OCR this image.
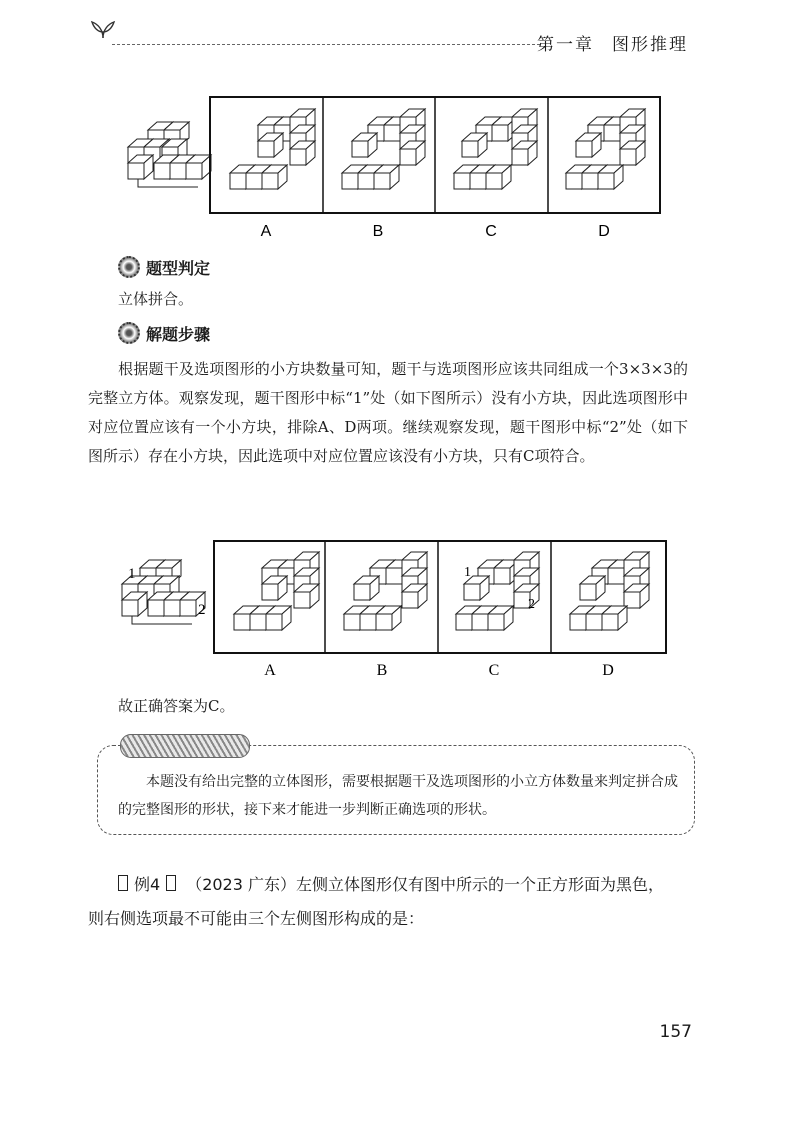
第一章 图形推理
A	B	C	D
题型判定
立体拼合。
解题步骤
根据题干及选项图形的小方块数量可知，题干与选项图形应该共同组成一个3×3×3的完整立方体。观察发现，题干图形中标“1”处（如下图所示）没有小方块，因此选项图形中对应位置应该有一个小方块，排除A、D两项。继续观察发现，题干图形中标“2”处（如下图所示）存在小方块，因此选项中对应位置应该没有小方块，只有C项符合。
1
2
1
2
A	B	C	D
故正确答案为C。
本题没有给出完整的立体图形，需要根据题干及选项图形的小立方体数量来判定拼合成的完整图形的形状，接下来才能进一步判断正确选项的形状。
例4 （2023 广东）左侧立体图形仅有图中所示的一个正方形面为黑色，
则右侧选项最不可能由三个左侧图形构成的是：
157
